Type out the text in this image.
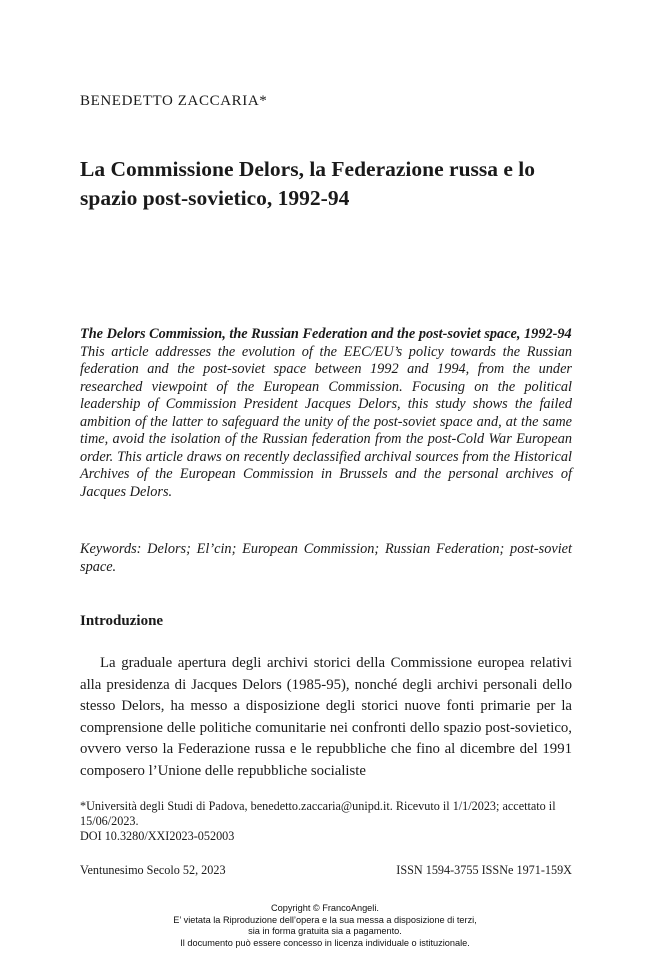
BENEDETTO ZACCARIA*
La Commissione Delors, la Federazione russa e lo spazio post-sovietico, 1992-94
The Delors Commission, the Russian Federation and the post-soviet space, 1992-94
This article addresses the evolution of the EEC/EU’s policy towards the Russian federation and the post-soviet space between 1992 and 1994, from the under researched viewpoint of the European Commission. Focusing on the political leadership of Commission President Jacques Delors, this study shows the failed ambition of the latter to safeguard the unity of the post-soviet space and, at the same time, avoid the isolation of the Russian federation from the post-Cold War European order. This article draws on recently declassified archival sources from the Historical Archives of the European Commission in Brussels and the personal archives of Jacques Delors.
Keywords: Delors; El’cin; European Commission; Russian Federation; post-soviet space.
Introduzione

La graduale apertura degli archivi storici della Commissione europea relativi alla presidenza di Jacques Delors (1985-95), nonché degli archivi personali dello stesso Delors, ha messo a disposizione degli storici nuove fonti primarie per la comprensione delle politiche comunitarie nei confronti dello spazio post-sovietico, ovvero verso la Federazione russa e le repubbliche che fino al dicembre del 1991 composero l’Unione delle repubbliche socialiste

*Università degli Studi di Padova, benedetto.zaccaria@unipd.it. Ricevuto il 1/1/2023; accettato il 15/06/2023.
DOI 10.3280/XXI2023-052003
Ventunesimo Secolo 52, 2023	ISSN 1594-3755 ISSNe 1971-159X
Copyright © FrancoAngeli.
E’ vietata la Riproduzione dell’opera e la sua messa a disposizione di terzi,
sia in forma gratuita sia a pagamento.
Il documento può essere concesso in licenza individuale o istituzionale.
